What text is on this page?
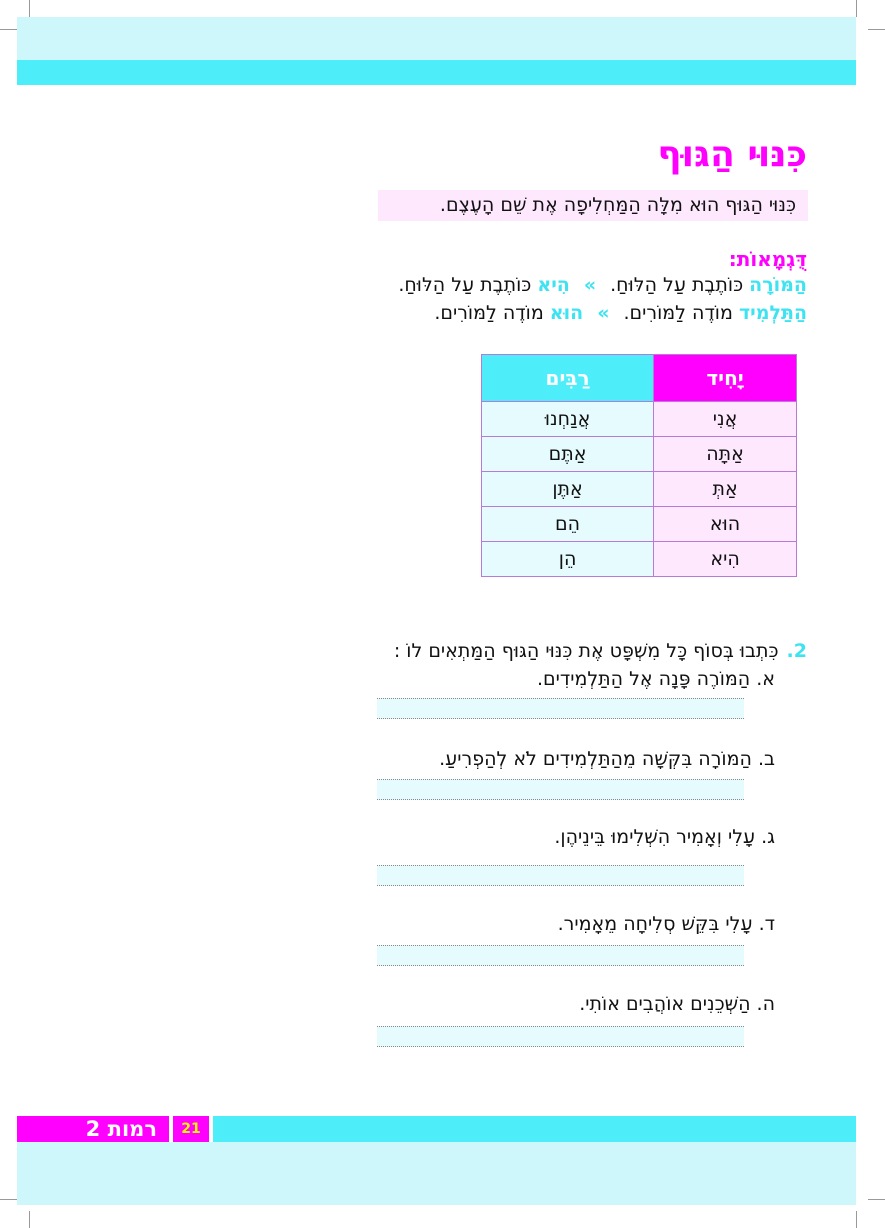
כִּנּוּי הַגּוּף
כִּנּוּי הַגּוּף הוּא מִלָּה הַמַּחְלִיפָה אֶת שֵׁם הָעֶצֶם.
דֻּגְמָאוֹת:
הַמּוֹרָה כּוֹתֶבֶת עַל הַלּוּחַ.»הִיא כּוֹתֶבֶת עַל הַלּוּחַ.
הַתַּלְמִיד מוֹדֶה לַמּוֹרִים.»הוּא מוֹדֶה לַמּוֹרִים.
יָחִיד	רַבִּים
אֲנִי	אֲנַחְנוּ
אַתָּה	אַתֶּם
אַתְּ	אַתֶּן
הוּא	הֵם
הִיא	הֵן
2.כִּתְבוּ בְּסוֹף כָּל מִשְׁפָּט אֶת כִּנּוּי הַגּוּף הַמַּתְאִים לוֹ :
א. הַמּוֹרֶה פָּנָה אֶל הַתַּלְמִידִים.
ב. הַמּוֹרָה בִּקְּשָׁה מֵהַתַּלְמִידִים לֹא לְהַפְרִיעַ.
ג. עָלִי וְאָמִיר הִשְׁלִימוּ בֵּינֵיהֶן.
ד. עָלִי בִּקֵּשׁ סְלִיחָה מֵאָמִיר.
ה. הַשְּׁכֵנִים אוֹהֲבִים אוֹתִי.
רמות 2	21
